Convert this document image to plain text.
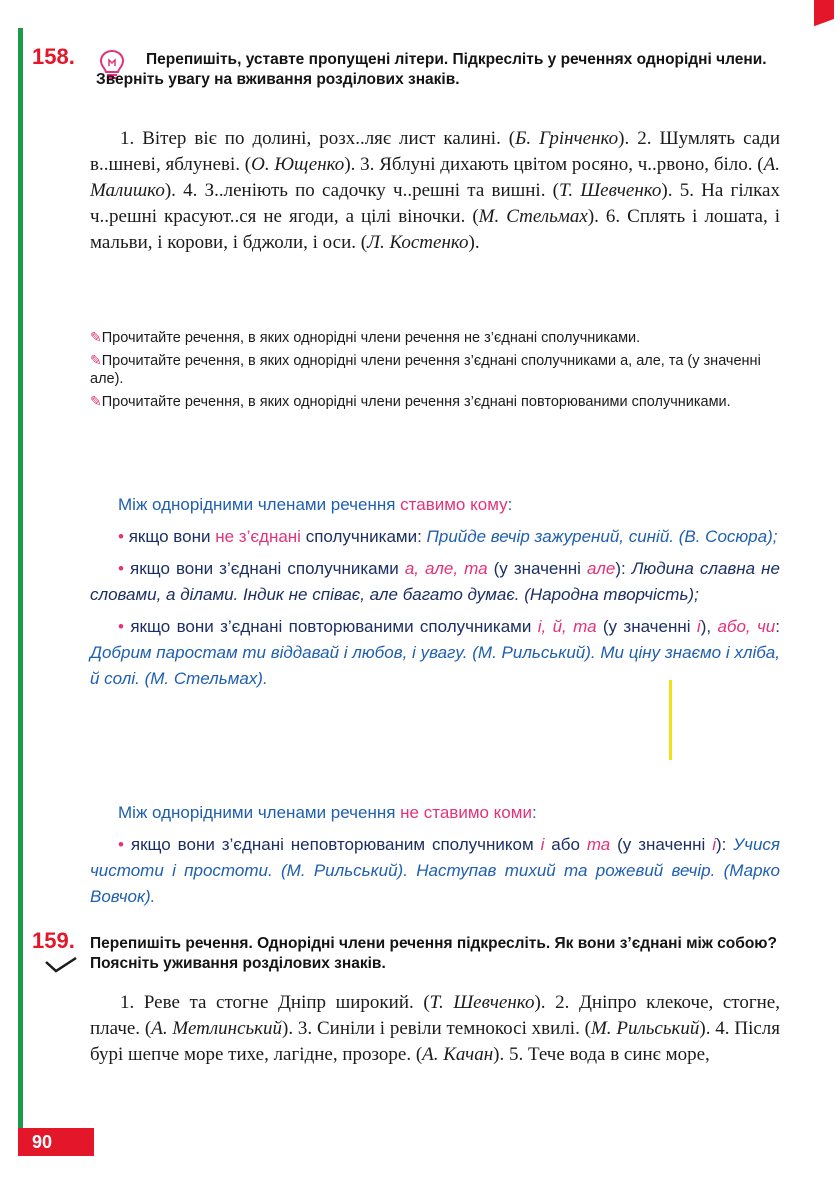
158.	Перепишіть, уставте пропущені літери. Підкресліть у реченнях однорідні члени. Зверніть увагу на вживання розділових знаків.

1. Вітер віє по долині, розх..ляє лист калині. (Б. Грінченко). 2. Шумлять сади в..шневі, яблуневі. (О. Ющенко). 3. Яблуні дихають цвітом росяно, ч..рвоно, біло. (А. Малишко). 4. З..леніють по садочку ч..решні та вишні. (Т. Шевченко). 5. На гілках ч..решні красуют..ся не ягоди, а цілі віночки. (М. Стельмах). 6. Сплять і лошата, і мальви, і корови, і бджоли, і оси. (Л. Костенко).

✎Прочитайте речення, в яких однорідні члени речення не з’єднані сполучниками.

✎Прочитайте речення, в яких однорідні члени речення з’єднані сполучниками а, але, та (у значенні але).

✎Прочитайте речення, в яких однорідні члени речення з’єднані повторюваними сполучниками.

Між однорідними членами речення ставимо кому:

• якщо вони не з’єднані сполучниками: Прийде вечір зажурений, синій. (В. Сосюра);

• якщо вони з’єднані сполучниками а, але, та (у значенні але): Людина славна не словами, а ділами. Індик не співає, але багато думає. (Народна творчість);

• якщо вони з’єднані повторюваними сполучниками і, й, та (у значенні і), або, чи: Добрим паростам ти віддавай і любов, і увагу. (М. Рильський). Ми ціну знаємо і хліба, й солі. (М. Стельмах).

Між однорідними членами речення не ставимо коми:

• якщо вони з’єднані неповторюваним сполучником і або та (у значенні і): Учися чистоти і простоти. (М. Рильський). Наступав тихий та рожевий вечір. (Марко Вовчок).

159. Перепишіть речення. Однорідні члени речення підкресліть. Як вони з’єднані між собою? Поясніть уживання розділових знаків.

1. Реве та стогне Дніпр широкий. (Т. Шевченко). 2. Дніпро клекоче, стогне, плаче. (А. Метлинський). 3. Синіли і ревіли темнокосі хвилі. (М. Рильський). 4. Після бурі шепче море тихе, лагідне, прозоре. (А. Качан). 5. Тече вода в синє море,

90
